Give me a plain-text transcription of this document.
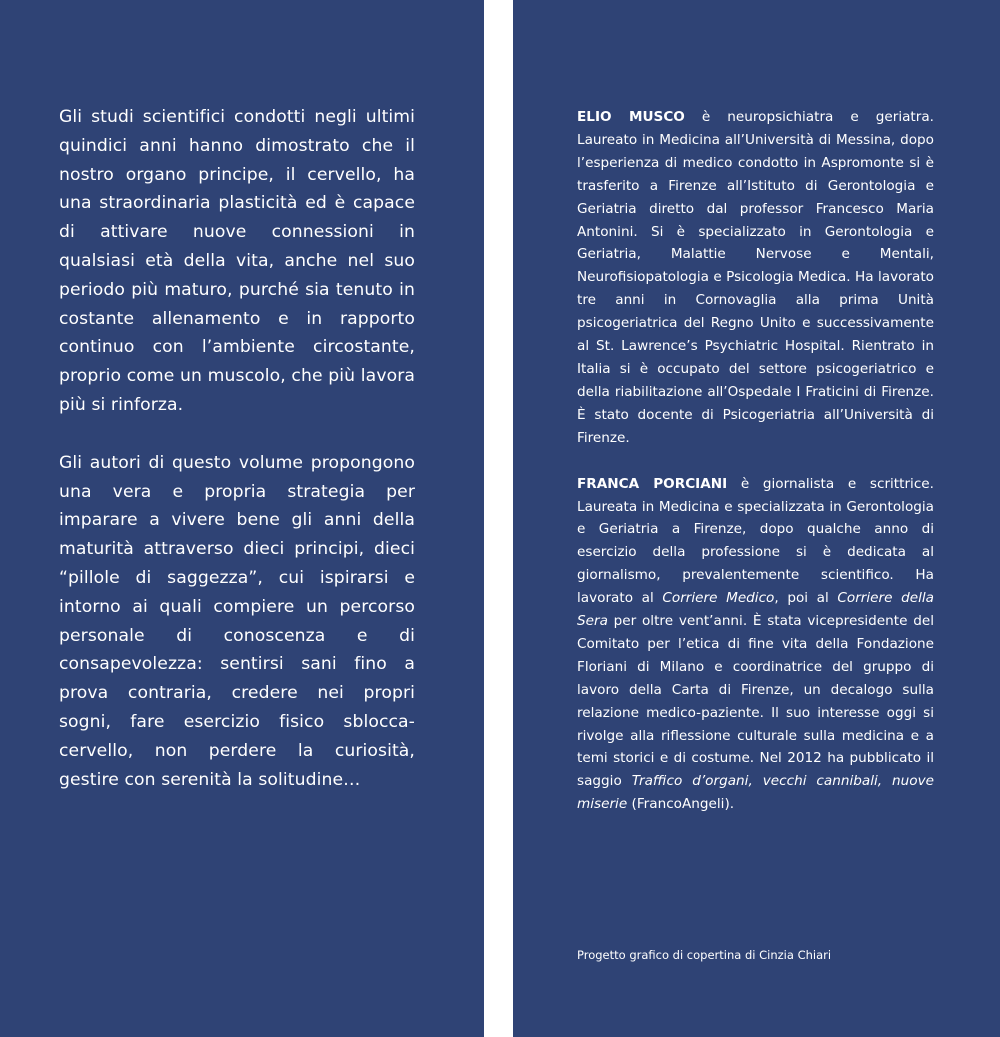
Gli studi scientifici condotti negli ultimi quindici anni hanno dimostrato che il nostro organo principe, il cervello, ha una straordinaria plasticità ed è capace di attivare nuove connessioni in qualsiasi età della vita, anche nel suo periodo più maturo, purché sia tenuto in costante allenamento e in rapporto continuo con l’ambiente circostante, proprio come un muscolo, che più lavora più si rinforza.

Gli autori di questo volume propongono una vera e propria strategia per imparare a vivere bene gli anni della maturità attraverso dieci principi, dieci “pillole di saggezza”, cui ispirarsi e intorno ai quali compiere un percorso personale di conoscenza e di consapevolezza: sentirsi sani fino a prova contraria, credere nei propri sogni, fare esercizio fisico sblocca-cervello, non perdere la curiosità, gestire con serenità la solitudine…

ELIO MUSCO è neuropsichiatra e geriatra. Laureato in Medicina all’Università di Messina, dopo l’esperienza di medico condotto in Aspromonte si è trasferito a Firenze all’Istituto di Gerontologia e Geriatria diretto dal professor Francesco Maria Antonini. Si è specializzato in Gerontologia e Geriatria, Malattie Nervose e Mentali, Neurofisiopatologia e Psicologia Medica. Ha lavorato tre anni in Cornovaglia alla prima Unità psicogeriatrica del Regno Unito e successivamente al St. Lawrence’s Psychiatric Hospital. Rientrato in Italia si è occupato del settore psicogeriatrico e della riabilitazione all’Ospedale I Fraticini di Firenze. È stato docente di Psicogeriatria all’Università di Firenze.

FRANCA PORCIANI è giornalista e scrittrice. Laureata in Medicina e specializzata in Gerontologia e Geriatria a Firenze, dopo qualche anno di esercizio della professione si è dedicata al giornalismo, prevalentemente scientifico. Ha lavorato al Corriere Medico, poi al Corriere della Sera per oltre vent’anni. È stata vicepresidente del Comitato per l’etica di fine vita della Fondazione Floriani di Milano e coordinatrice del gruppo di lavoro della Carta di Firenze, un decalogo sulla relazione medico-paziente. Il suo interesse oggi si rivolge alla riflessione culturale sulla medicina e a temi storici e di costume. Nel 2012 ha pubblicato il saggio Traffico d’organi, vecchi cannibali, nuove miserie (FrancoAngeli).

Progetto grafico di copertina di Cinzia Chiari
